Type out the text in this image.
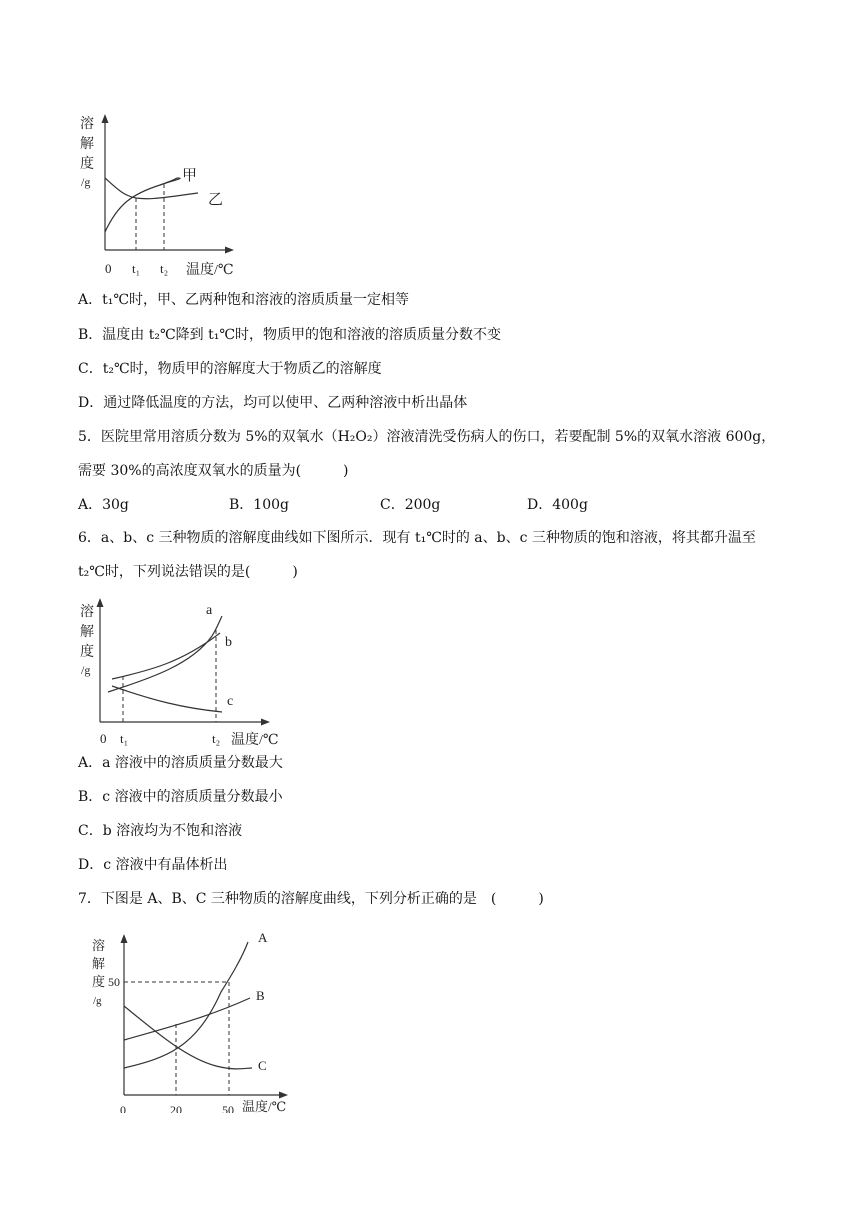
溶
解
度
/g	甲
乙
0 t₁ t₂ 温度/℃
A．t₁℃时，甲、乙两种饱和溶液的溶质质量一定相等
B．温度由 t₂℃降到 t₁℃时，物质甲的饱和溶液的溶质质量分数不变
C．t₂℃时，物质甲的溶解度大于物质乙的溶解度
D．通过降低温度的方法，均可以使甲、乙两种溶液中析出晶体
5．医院里常用溶质分数为 5%的双氧水（H₂O₂）溶液清洗受伤病人的伤口，若要配制 5%的双氧水溶液 600g，
需要 30%的高浓度双氧水的质量为(　　　)
A．30g	B．100g	C．200g	D．400g
6．a、b、c 三种物质的溶解度曲线如下图所示．现有 t₁℃时的 a、b、c 三种物质的饱和溶液，将其都升温至
t₂℃时，下列说法错误的是(　　　)
溶
解
度
/g
a
b
c
0 t₁	t₂ 温度/℃
A．a 溶液中的溶质质量分数最大
B．c 溶液中的溶质质量分数最小
C．b 溶液均为不饱和溶液
D．c 溶液中有晶体析出
7．下图是 A、B、C 三种物质的溶解度曲线，下列分析正确的是　(　　　)
溶
解
度
/g
50
A
B
C
0	20	50 温度/℃
